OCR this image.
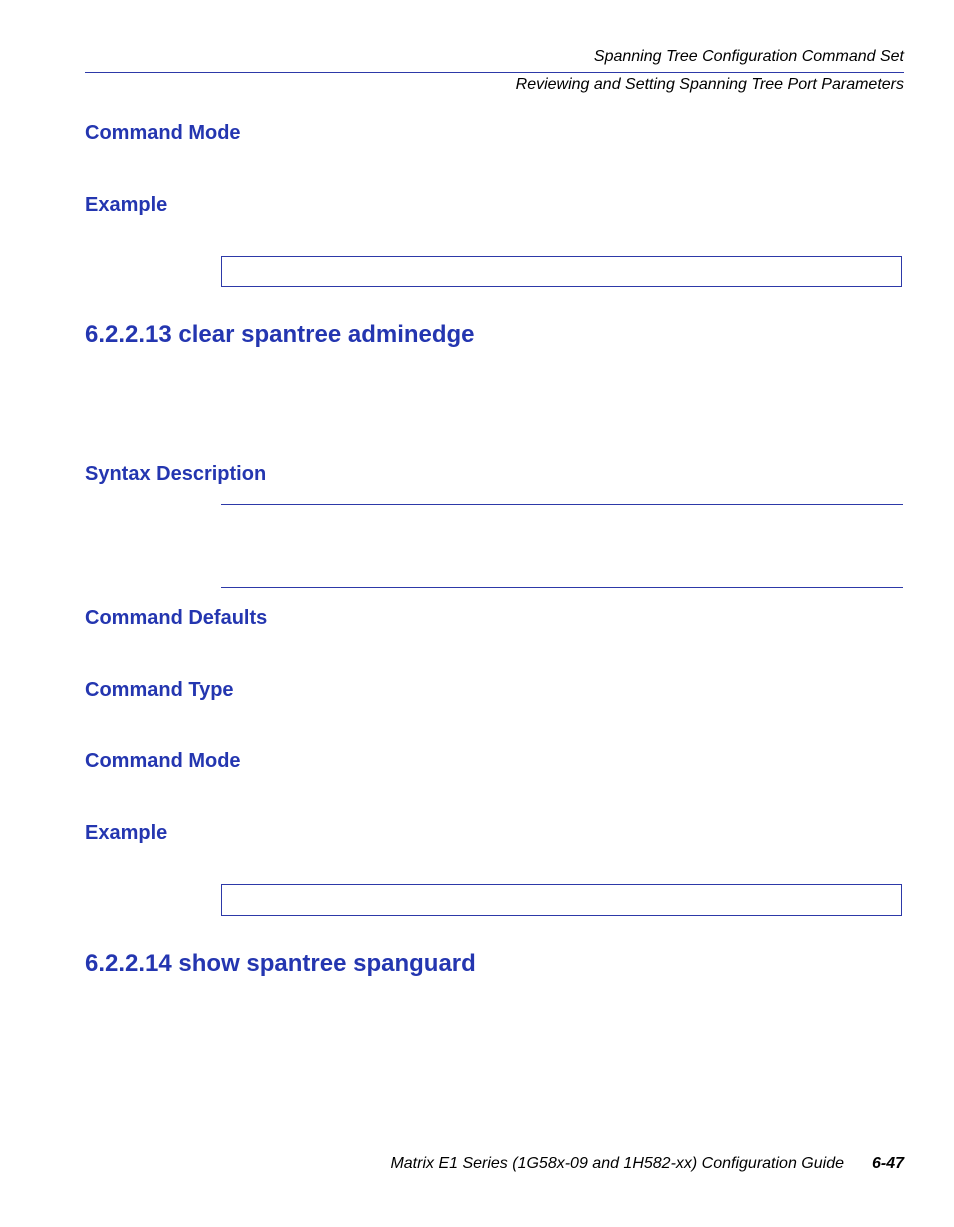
Spanning Tree Configuration Command Set
Reviewing and Setting Spanning Tree Port Parameters
Command Mode
Example
6.2.2.13 clear spantree adminedge
Syntax Description
Command Defaults
Command Type
Command Mode
Example
6.2.2.14 show spantree spanguard
Matrix E1 Series (1G58x-09 and 1H582-xx) Configuration Guide 6-47
